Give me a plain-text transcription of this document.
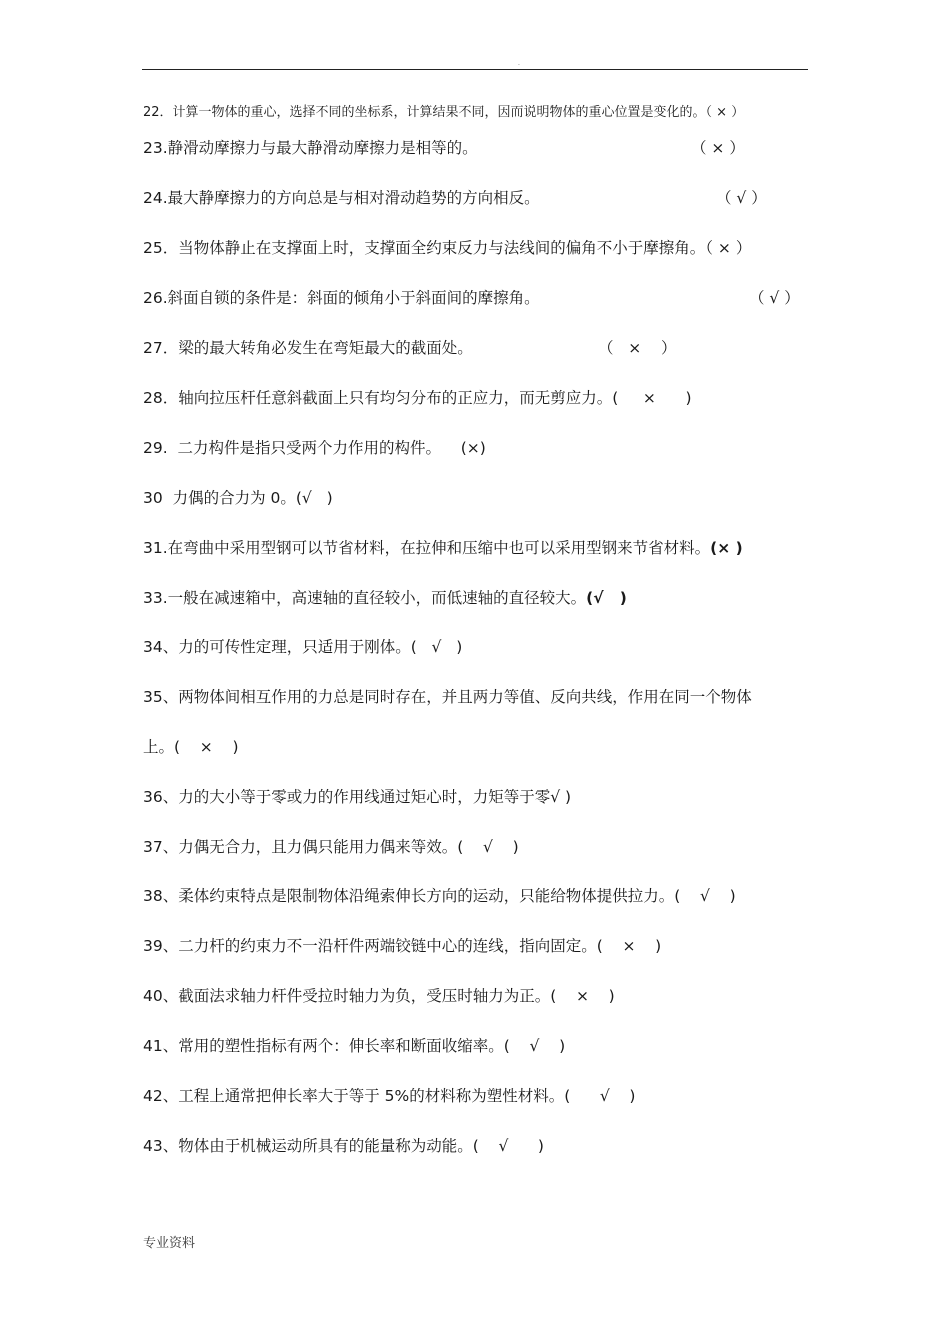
.
22．计算一物体的重心，选择不同的坐标系，计算结果不同，因而说明物体的重心位置是变化的。（ × ）
23.静滑动摩擦力与最大静滑动摩擦力是相等的。	（ × ）
24.最大静摩擦力的方向总是与相对滑动趋势的方向相反。	（ √ ）
25．当物体静止在支撑面上时，支撑面全约束反力与法线间的偏角不小于摩擦角。（ × ）
26.斜面自锁的条件是：斜面的倾角小于斜面间的摩擦角。	（ √ ）
27．梁的最大转角必发生在弯矩最大的截面处。	（   ×    ）
28．轴向拉压杆任意斜截面上只有均匀分布的正应力，而无剪应力。(     ×      )
29.  二力构件是指只受两个力作用的构件。    (×)
30  力偶的合力为 0。(√   )
31.在弯曲中采用型钢可以节省材料，在拉伸和压缩中也可以采用型钢来节省材料。(× )
33.一般在减速箱中，高速轴的直径较小，而低速轴的直径较大。(√   )
34、力的可传性定理，只适用于刚体。(   √   )
35、两物体间相互作用的力总是同时存在，并且两力等值、反向共线，作用在同一个物体
上。(    ×    )
36、力的大小等于零或力的作用线通过矩心时，力矩等于零√ )
37、力偶无合力，且力偶只能用力偶来等效。(    √    )
38、柔体约束特点是限制物体沿绳索伸长方向的运动，只能给物体提供拉力。(    √    )
39、二力杆的约束力不一沿杆件两端铰链中心的连线，指向固定。(    ×    )
40、截面法求轴力杆件受拉时轴力为负，受压时轴力为正。(    ×    )
41、常用的塑性指标有两个：伸长率和断面收缩率。(    √    )
42、工程上通常把伸长率大于等于 5%的材料称为塑性材料。(      √    )
43、物体由于机械运动所具有的能量称为动能。(    √      )
专业资料
